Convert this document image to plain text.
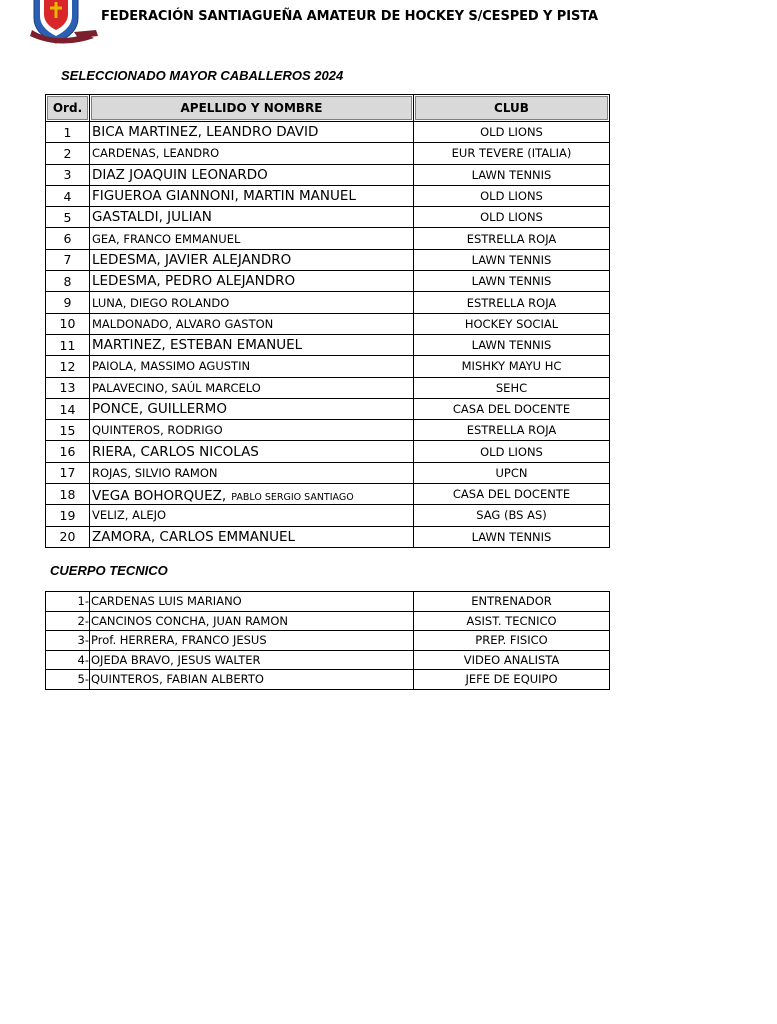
FEDERACIÓN SANTIAGUEÑA AMATEUR DE HOCKEY S/CESPED Y PISTA
SELECCIONADO MAYOR CABALLEROS 2024
Ord.	APELLIDO Y NOMBRE	CLUB
1	BICA MARTINEZ, LEANDRO DAVID	OLD LIONS
2	CARDENAS, LEANDRO	EUR TEVERE (ITALIA)
3	DIAZ JOAQUIN LEONARDO	LAWN TENNIS
4	FIGUEROA GIANNONI, MARTIN MANUEL	OLD LIONS
5	GASTALDI, JULIAN	OLD LIONS
6	GEA, FRANCO EMMANUEL	ESTRELLA ROJA
7	LEDESMA, JAVIER ALEJANDRO	LAWN TENNIS
8	LEDESMA, PEDRO ALEJANDRO	LAWN TENNIS
9	LUNA, DIEGO ROLANDO	ESTRELLA ROJA
10	MALDONADO, ALVARO GASTON	HOCKEY SOCIAL
11	MARTINEZ, ESTEBAN EMANUEL	LAWN TENNIS
12	PAIOLA, MASSIMO AGUSTIN	MISHKY MAYU HC
13	PALAVECINO, SAÚL MARCELO	SEHC
14	PONCE, GUILLERMO	CASA DEL DOCENTE
15	QUINTEROS, RODRIGO	ESTRELLA ROJA
16	RIERA, CARLOS NICOLAS	OLD LIONS
17	ROJAS, SILVIO RAMON	UPCN
18	VEGA BOHORQUEZ, PABLO SERGIO SANTIAGO	CASA DEL DOCENTE
19	VELIZ, ALEJO	SAG (BS AS)
20	ZAMORA, CARLOS EMMANUEL	LAWN TENNIS
CUERPO TECNICO
1-	CARDENAS LUIS MARIANO	ENTRENADOR
2-	CANCINOS CONCHA, JUAN RAMON	ASIST. TECNICO
3-	Prof. HERRERA, FRANCO JESUS	PREP. FISICO
4-	OJEDA BRAVO, JESUS WALTER	VIDEO ANALISTA
5-	QUINTEROS, FABIAN ALBERTO	JEFE DE EQUIPO
